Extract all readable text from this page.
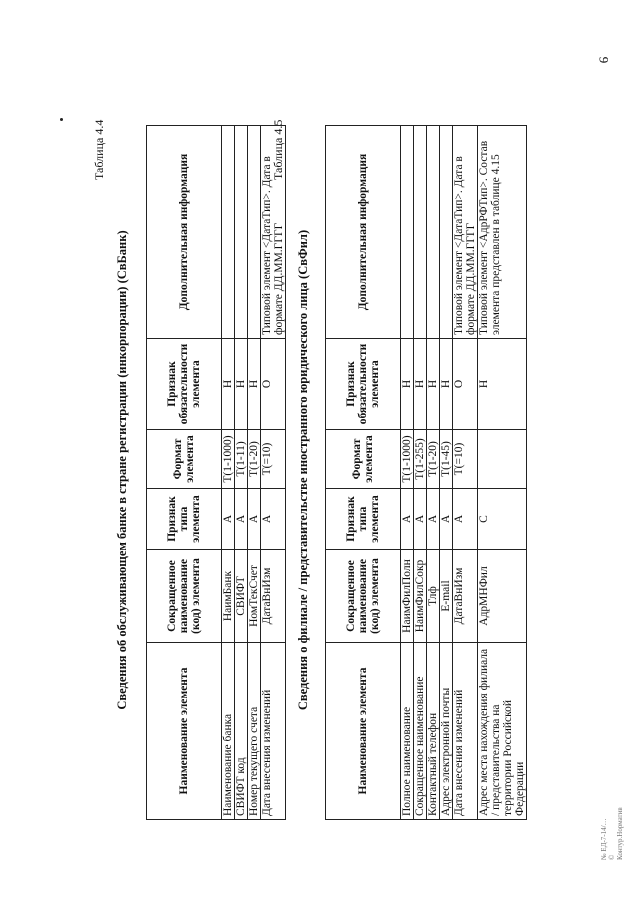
9
Таблица 4.4
Сведения об обслуживающем банке в стране регистрации (инкорпорации) (СвБанк)
Наименование элемента	Сокращенное наименование (код) элемента	Признак типа элемента	Формат элемента	Признак обязательности элемента	Дополнительная информация
Наименование банка	НаимБанк	А	T(1-1000)	Н	
СВИФТ код	СВИФТ	А	T(1-11)	Н	
Номер текущего счета	НомТекСчет	А	T(1-20)	Н	
Дата внесения изменений	ДатаВнИзм	А	T(=10)	О	Типовой элемент <ДатаТип>. Дата в формате ДД.ММ.ГГГГ
Таблица 4.5
Сведения о филиале / представительстве иностранного юридического лица (СвФил)
Наименование элемента	Сокращенное наименование (код) элемента	Признак типа элемента	Формат элемента	Признак обязательности элемента	Дополнительная информация
Полное наименование	НаимФилПолн	А	T(1-1000)	Н	
Сокращенное наименование	НаимФилСокр	А	T(1-255)	Н	
Контактный телефон	Тлф	А	T(1-20)	Н	
Адрес электронной почты	E-mail	А	T(1-45)	Н	
Дата внесения изменений	ДатаВнИзм	А	T(=10)	О	Типовой элемент <ДатаТип>. Дата в формате ДД.ММ.ГГГГ
Адрес места нахождения филиала / представительства на территории Российской Федерации	АдрМНФил	С		Н	Типовой элемент <АдрРФТип>. Состав элемента представлен в таблице 4.15
№ ЕД-7-14/… © Контур.Норматив
